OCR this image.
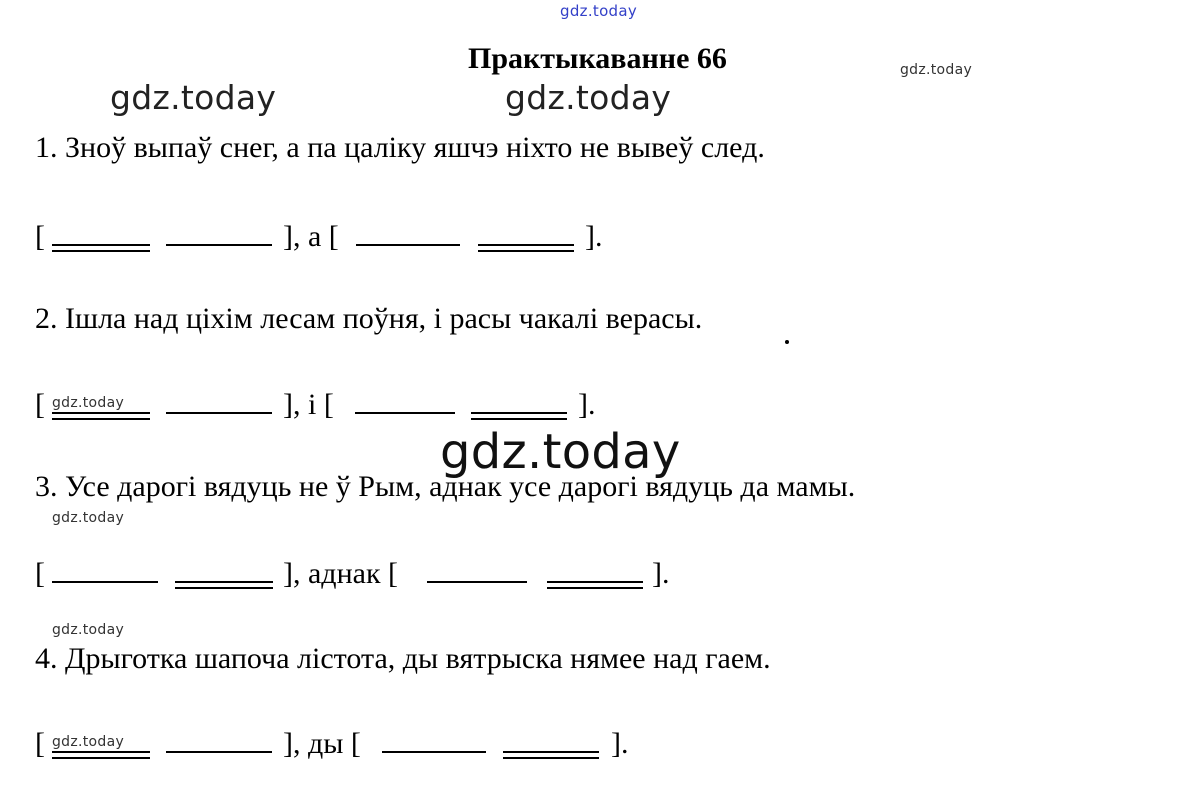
Практыкаванне 66
gdz.today
gdz.today
gdz.today	gdz.today
gdz.today
gdz.today
gdz.today
1. Зноў выпаў снег, а па цаліку яшчэ ніхто не вывеў след.
[	], а [	].
2. Ішла над ціхім лесам поўня, і расы чакалі верасы.
[ gdz.today	], і [	].
3. Усе дарогі вядуць не ў Рым, аднак усе дарогі вядуць да мамы.
[	], аднак [	].
4. Дрыготка шапоча лістота, ды вятрыска нямее над гаем.
[ gdz.today	], ды [	].
